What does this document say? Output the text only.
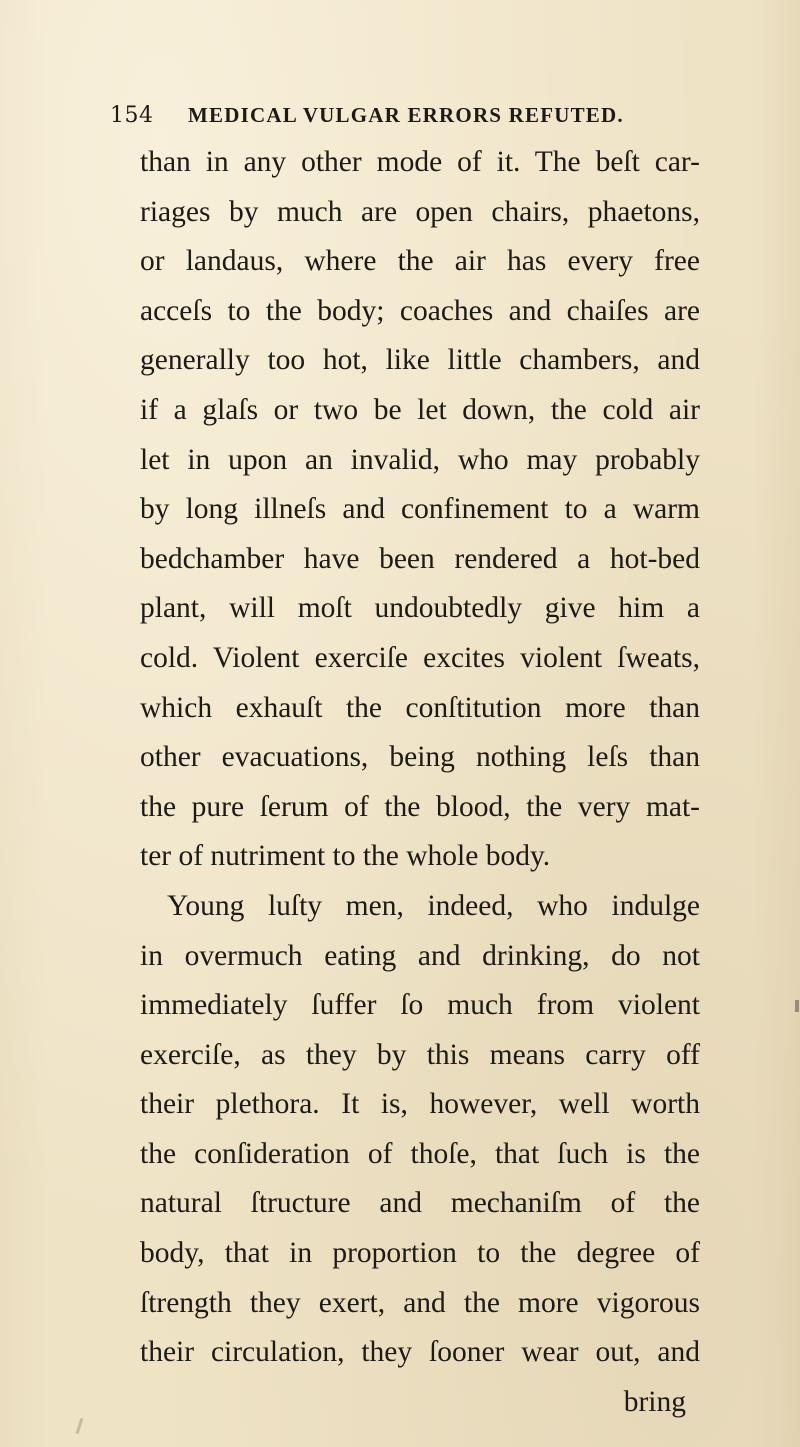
154	MEDICAL VULGAR ERRORS REFUTED.
than in any other mode of it. The beſt car-
riages by much are open chairs, phaetons,
or landaus, where the air has every free
acceſs to the body; coaches and chaiſes are
generally too hot, like little chambers, and
if a glaſs or two be let down, the cold air
let in upon an invalid, who may probably
by long illneſs and confinement to a warm
bedchamber have been rendered a hot-bed
plant, will moſt undoubtedly give him a
cold. Violent exerciſe excites violent ſweats,
which exhauſt the conſtitution more than
other evacuations, being nothing leſs than
the pure ſerum of the blood, the very mat-
ter of nutriment to the whole body.
Young luſty men, indeed, who indulge
in overmuch eating and drinking, do not
immediately ſuffer ſo much from violent
exerciſe, as they by this means carry off
their plethora. It is, however, well worth
the conſideration of thoſe, that ſuch is the
natural ſtructure and mechaniſm of the
body, that in proportion to the degree of
ſtrength they exert, and the more vigorous
their circulation, they ſooner wear out, and
bring
